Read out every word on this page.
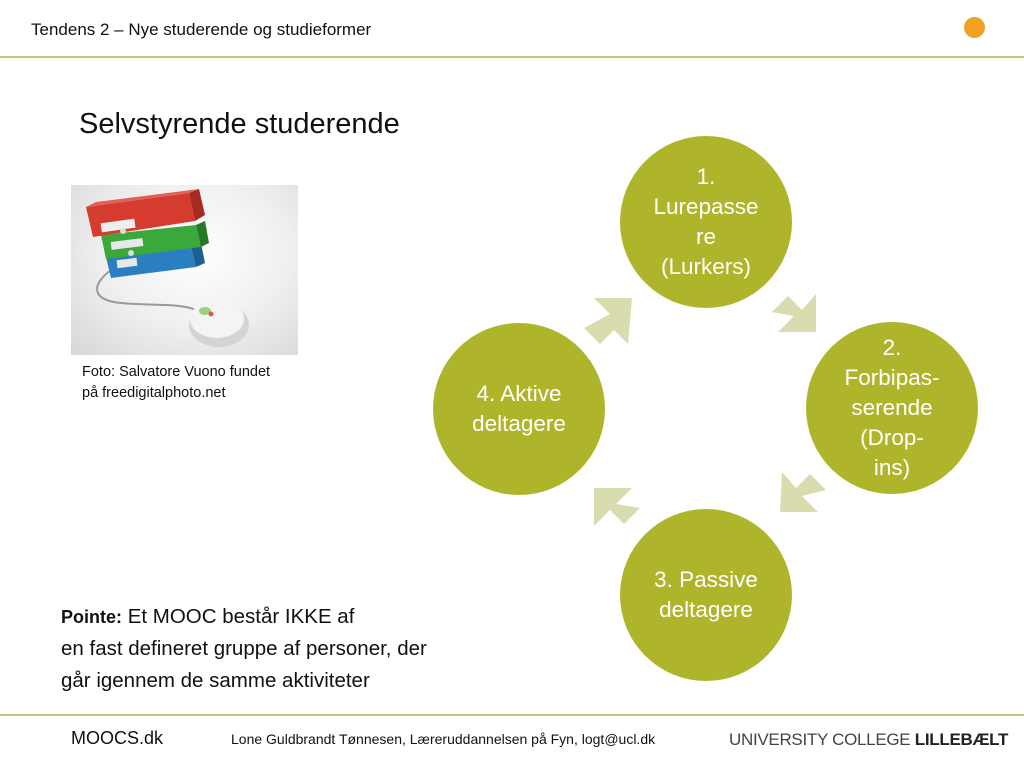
Tendens 2 – Nye studerende og studieformer
Selvstyrende studerende
Foto: Salvatore Vuono fundet
på freedigitalphoto.net
1.
Lurepasse
re
(Lurkers)
2.
Forbipas-
serende
(Drop-
ins)
3. Passive
deltagere
4. Aktive
deltagere
Pointe: Et MOOC består IKKE af
en fast defineret gruppe af personer, der
går igennem de samme aktiviteter
MOOCS.dk	Lone Guldbrandt Tønnesen, Læreruddannelsen på Fyn, logt@ucl.dk	UNIVERSITY COLLEGE LILLEBÆLT
